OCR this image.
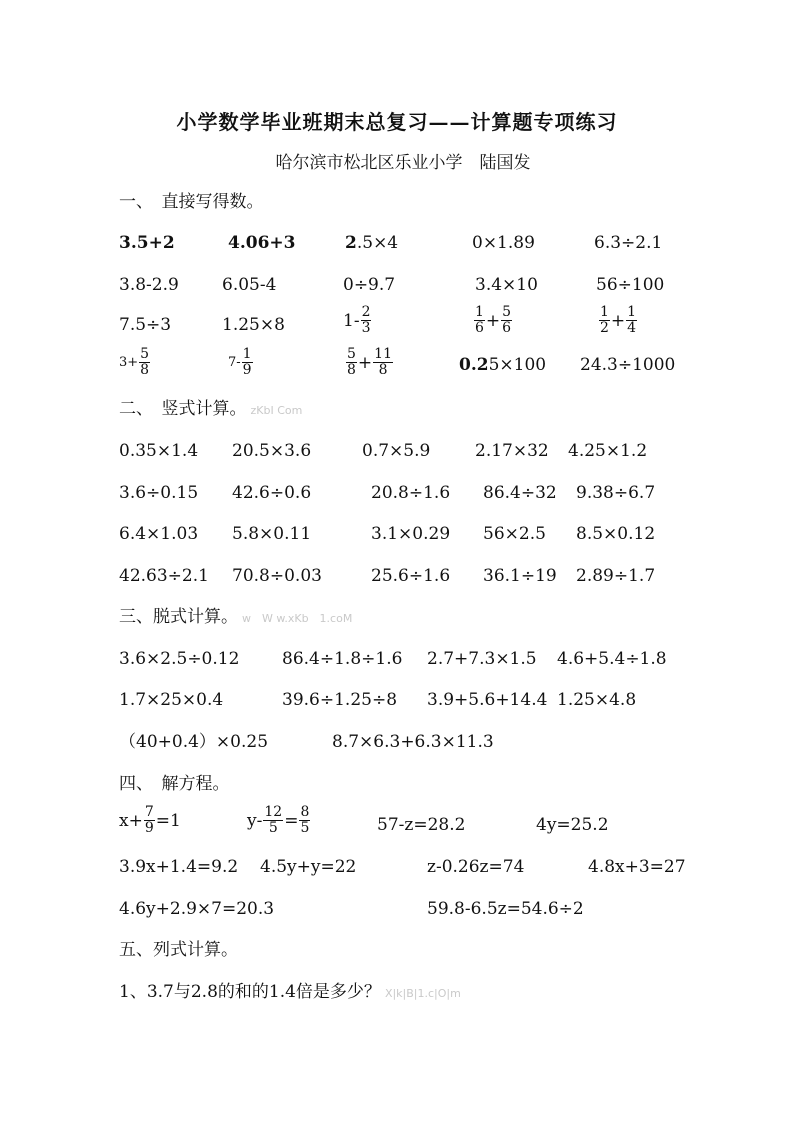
小学数学毕业班期末总复习——计算题专项练习
哈尔滨市松北区乐业小学　陆国发
一、　直接写得数。
3.5+2	4.06+3	2.5×4	0×1.89	6.3÷2.1
3.8-2.9	6.05-4	0÷9.7	3.4×10	56÷100
7.5÷3	1.25×8	$1- \frac{2}{3}$	$\frac{1}{6} + \frac{5}{6}$	$\frac{1}{2} + \frac{1}{4}$
$3+ \frac{5}{8}$	$7- \frac{1}{9}$	$\frac{5}{8} + \frac{11}{8}$	0.25×100 24.3÷1000
二、　竖式计算。 zKbI Com
0.35×1.4 20.5×3.6	0.7×5.9	2.17×32 4.25×1.2
3.6÷0.15 42.6÷0.6	20.8÷1.6 86.4÷32 9.38÷6.7
6.4×1.03 5.8×0.11	3.1×0.29 56×2.5 8.5×0.12
42.63÷2.1 70.8÷0.03	25.6÷1.6 36.1÷19 2.89÷1.7
三、脱式计算。 w　W w.xKb　1.coM
3.6×2.5÷0.12	86.4÷1.8÷1.6 2.7+7.3×1.5 4.6+5.4÷1.8
1.7×25×0.4	39.6÷1.25÷8 3.9+5.6+14.4 1.25×4.8
（40+0.4）×0.25	8.7×6.3+6.3×11.3
四、　解方程。
$x+ \frac{7}{9} =1$	$y- \frac{12}{5} = \frac{8}{5}$	57-z=28.2	4y=25.2
3.9x+1.4=9.2 4.5y+y=22	z-0.26z=74	4.8x+3=27
4.6y+2.9×7=20.3	59.8-6.5z=54.6÷2
五、列式计算。
1、3.7与2.8的和的1.4倍是多少？ X|k|B|1.c|O|m
